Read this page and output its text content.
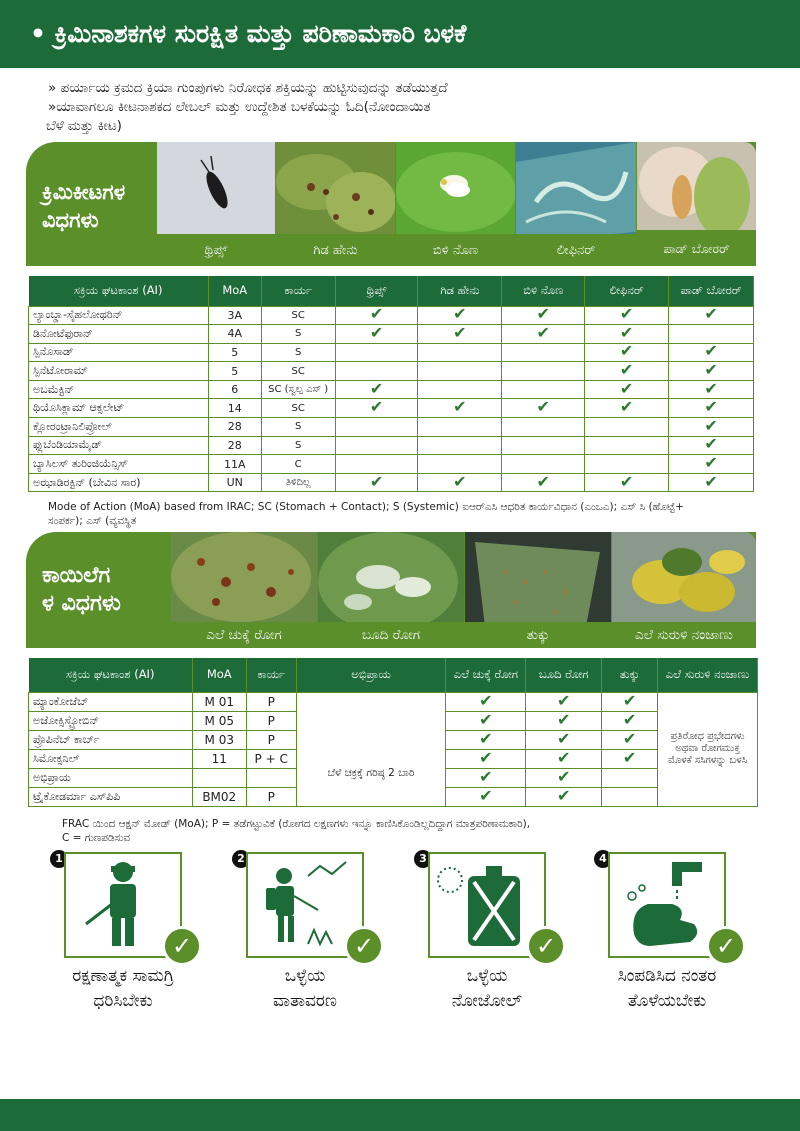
• ಕ್ರಿಮಿನಾಶಕಗಳ ಸುರಕ್ಷಿತ ಮತ್ತು ಪರಿಣಾಮಕಾರಿ ಬಳಕೆ
» ಪರ್ಯಾಯ ಕ್ರಮದ ಕ್ರಿಯಾ ಗುಂಪುಗಳು ನಿರೋಧಕ ಶಕ್ತಿಯನ್ನು ಹುಟ್ಟಿಸುವುದನ್ನು ತಡೆಯುತ್ತದೆ
»ಯಾವಾಗಲೂ ಕೀಟನಾಶಕದ ಲೇಬಲ್ ಮತ್ತು ಉದ್ದೇಶಿತ ಬಳಕೆಯನ್ನು ಓದಿ(ನೋಂದಾಯಿತ
ಬೆಳೆ ಮತ್ತು ಕೀಟ)
ಕ್ರಿಮಿಕೀಟಗಳ
ವಿಧಗಳು
ಥ್ರಿಪ್ಸ್	ಗಿಡ ಹೇನು	ಬಿಳಿ ನೊಣ	ಲೀಫಿನರ್	ಪಾಡ್ ಬೋರರ್
ಸಕ್ರಿಯ ಘಟಕಾಂಶ (AI)	MoA	ಕಾರ್ಯ	ಥ್ರಿಪ್ಸ್	ಗಿಡ ಹೇನು	ಬಿಳಿ ನೊಣ	ಲೀಫಿನರ್	ಪಾಡ್ ಬೋರರ್
ಲ್ಯಾಂಬ್ಡಾ-ಸೈಹಲೋಥರಿನ್	3A	SC	✔	✔	✔	✔	✔
ಡಿನೋಟೆಫುರಾನ್	4A	S	✔	✔	✔	✔	
ಸ್ಪಿನೊಸಾಡ್	5	S				✔	✔
ಸ್ಪಿನೆಟೋರಾಮ್	5	SC				✔	✔
ಅಬಮೆಕ್ಟಿನ್	6	SC (ಸ್ವಲ್ಪ ಎಸ್ )	✔			✔	✔
ಥಿಯೊಸಿಕ್ಲಾಮ್ ಆಕ್ಸಲೇಟ್	14	SC	✔	✔	✔	✔	✔
ಕ್ಲೋರಂಟ್ರಾನಿಲಿಪ್ರೋಲ್	28	S					✔
ಫ್ಲುಬೆಂಡಿಯಾಮೈಡ್	28	S					✔
ಬ್ಯಾಸಿಲಸ್ ತುರಿಂಜಿಯೆನ್ಸಿಸ್	11A	C					✔
ಅಝಾಡಿರಕ್ಟಿನ್ (ಬೇವಿನ ಸಾರ)	UN	ತಿಳಿದಿಲ್ಲ	✔	✔	✔	✔	✔
Mode of Action (MoA) based from IRAC; SC (Stomach + Contact); S (Systemic) ಐಆರ್‌ಎಸಿ ಆಧರಿತ ಕಾರ್ಯವಿಧಾನ (ಎಂಒಎ); ಎಸ್ ಸಿ (ಹೊಟ್ಟೆ+
ಸಂಪರ್ಕ); ಎಸ್ (ವ್ಯವಸ್ಥಿತ
ಕಾಯಿಲೆಗ
ಳ ವಿಧಗಳು
ಎಲೆ ಚುಕ್ಕೆ ರೋಗ	ಬೂದಿ ರೋಗ	ತುಕ್ಕು	ಎಲೆ ಸುರುಳಿ ನಂಜಾಣು
ಸಕ್ರಿಯ ಘಟಕಾಂಶ (AI)	MoA	ಕಾರ್ಯ	ಅಭಿಪ್ರಾಯ	ಎಲೆ ಚುಕ್ಕೆ ರೋಗ	ಬೂದಿ ರೋಗ	ತುಕ್ಕು	ಎಲೆ ಸುರುಳಿ ನಂಜಾಣು
ಮ್ಯಾಂಕೋಜೆಬ್	M 01	P	ಬೆಳೆ ಚಕ್ರಕ್ಕೆ ಗರಿಷ್ಠ 2 ಬಾರಿ	✔	✔	✔	ಪ್ರತಿರೋಧ ಪ್ರಭೇದಗಳು ಅಥವಾ ರೋಗಮುಕ್ತ ಮೊಳಕೆ ಸಸಿಗಳನ್ನು ಬಳಸಿ
ಅಜೋಕ್ಸಿಸ್ಟ್ರೋಬಿನ್	M 05	P		✔	✔	✔	
ಪ್ರೊಪಿನೆಬ್ ಕಾರ್ಬ್	M 03	P		✔	✔	✔	
ಸಿಮೋಕ್ಸನಿಲ್	11	P + C		✔	✔	✔	
ಅಭಿಪ್ರಾಯ				✔	✔		
ಟ್ರೈಕೋಡರ್ಮಾ ಎಸ್‌ಪಿಪಿ	BM02	P		✔	✔		
FRAC ಯಿಂದ ಆಕ್ಷನ್ ಮೋಡ್ (MoA); P = ತಡೆಗಟ್ಟುವಿಕೆ (ರೋಗದ ಲಕ್ಷಣಗಳು ಇನ್ನೂ ಕಾಣಿಸಿಕೊಂಡಿಲ್ಲದಿದ್ದಾಗ ಮಾತ್ರಪರಿಣಾಮಕಾರಿ),
C = ಗುಣಪಡಿಸುವ
1
✓
ರಕ್ಷಣಾತ್ಮಕ ಸಾಮಗ್ರಿ
ಧರಿಸಿಬೇಕು
2
✓
ಒಳ್ಳೆಯ
ವಾತಾವರಣ
3
✓
ಒಳ್ಳೆಯ
ನೋಜೋಲ್
4
✓
ಸಿಂಪಡಿಸಿದ ನಂತರ
ತೊಳೆಯಬೇಕು
